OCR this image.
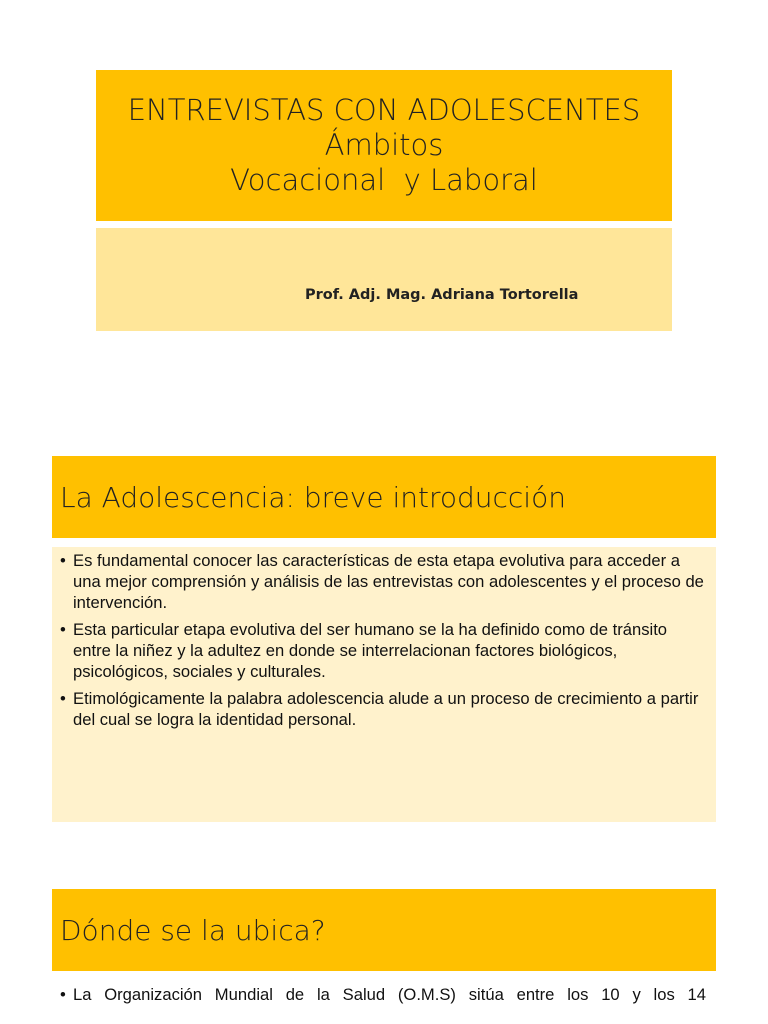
ENTREVISTAS CON ADOLESCENTES
Ámbitos
Vocacional  y Laboral

Prof. Adj. Mag. Adriana Tortorella

La Adolescencia: breve introducción
• Es fundamental conocer las características de esta etapa evolutiva para acceder a una mejor comprensión y análisis de las entrevistas con adolescentes y el proceso de intervención.
• Esta particular etapa evolutiva del ser humano se la ha definido como de tránsito entre la niñez y la adultez en donde se interrelacionan factores biológicos, psicológicos, sociales y culturales.
• Etimológicamente la palabra adolescencia alude a un proceso de crecimiento a partir del cual se logra la identidad personal.
Dónde se la ubica?
• La Organización Mundial de la Salud (O.M.S) sitúa entre los 10 y los 14
